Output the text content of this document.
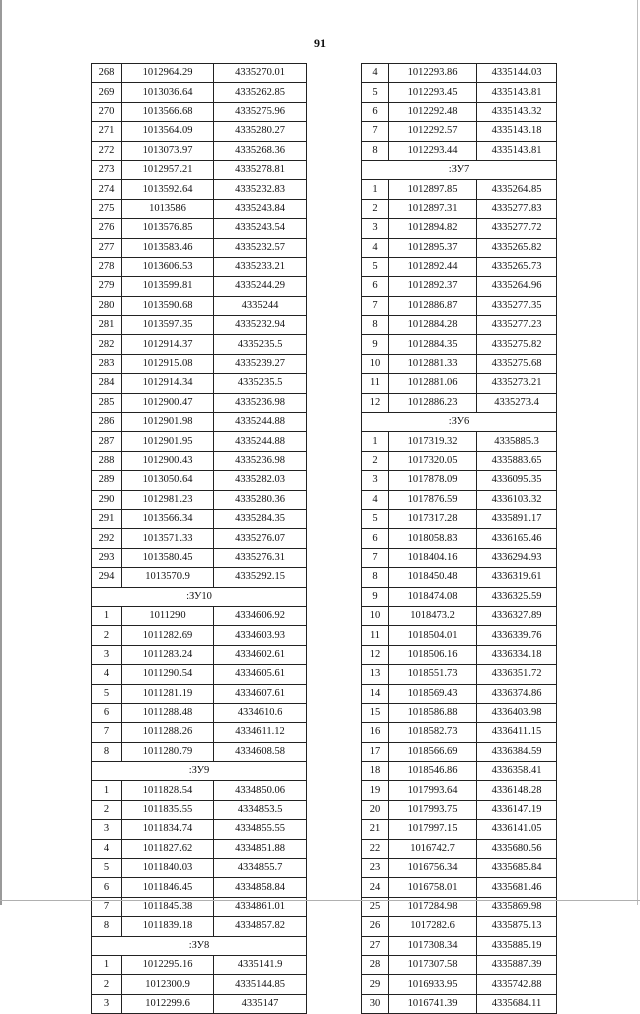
91
268	1012964.29	4335270.01
269	1013036.64	4335262.85
270	1013566.68	4335275.96
271	1013564.09	4335280.27
272	1013073.97	4335268.36
273	1012957.21	4335278.81
274	1013592.64	4335232.83
275	1013586	4335243.84
276	1013576.85	4335243.54
277	1013583.46	4335232.57
278	1013606.53	4335233.21
279	1013599.81	4335244.29
280	1013590.68	4335244
281	1013597.35	4335232.94
282	1012914.37	4335235.5
283	1012915.08	4335239.27
284	1012914.34	4335235.5
285	1012900.47	4335236.98
286	1012901.98	4335244.88
287	1012901.95	4335244.88
288	1012900.43	4335236.98
289	1013050.64	4335282.03
290	1012981.23	4335280.36
291	1013566.34	4335284.35
292	1013571.33	4335276.07
293	1013580.45	4335276.31
294	1013570.9	4335292.15
:ЗУ10		
1	1011290	4334606.92
2	1011282.69	4334603.93
3	1011283.24	4334602.61
4	1011290.54	4334605.61
5	1011281.19	4334607.61
6	1011288.48	4334610.6
7	1011288.26	4334611.12
8	1011280.79	4334608.58
:ЗУ9		
1	1011828.54	4334850.06
2	1011835.55	4334853.5
3	1011834.74	4334855.55
4	1011827.62	4334851.88
5	1011840.03	4334855.7
6	1011846.45	4334858.84
7	1011845.38	4334861.01
8	1011839.18	4334857.82
:ЗУ8		
1	1012295.16	4335141.9
2	1012300.9	4335144.85
3	1012299.6	4335147
4	1012293.86	4335144.03
5	1012293.45	4335143.81
6	1012292.48	4335143.32
7	1012292.57	4335143.18
8	1012293.44	4335143.81
:ЗУ7		
1	1012897.85	4335264.85
2	1012897.31	4335277.83
3	1012894.82	4335277.72
4	1012895.37	4335265.82
5	1012892.44	4335265.73
6	1012892.37	4335264.96
7	1012886.87	4335277.35
8	1012884.28	4335277.23
9	1012884.35	4335275.82
10	1012881.33	4335275.68
11	1012881.06	4335273.21
12	1012886.23	4335273.4
:ЗУ6		
1	1017319.32	4335885.3
2	1017320.05	4335883.65
3	1017878.09	4336095.35
4	1017876.59	4336103.32
5	1017317.28	4335891.17
6	1018058.83	4336165.46
7	1018404.16	4336294.93
8	1018450.48	4336319.61
9	1018474.08	4336325.59
10	1018473.2	4336327.89
11	1018504.01	4336339.76
12	1018506.16	4336334.18
13	1018551.73	4336351.72
14	1018569.43	4336374.86
15	1018586.88	4336403.98
16	1018582.73	4336411.15
17	1018566.69	4336384.59
18	1018546.86	4336358.41
19	1017993.64	4336148.28
20	1017993.75	4336147.19
21	1017997.15	4336141.05
22	1016742.7	4335680.56
23	1016756.34	4335685.84
24	1016758.01	4335681.46
25	1017284.98	4335869.98
26	1017282.6	4335875.13
27	1017308.34	4335885.19
28	1017307.58	4335887.39
29	1016933.95	4335742.88
30	1016741.39	4335684.11
